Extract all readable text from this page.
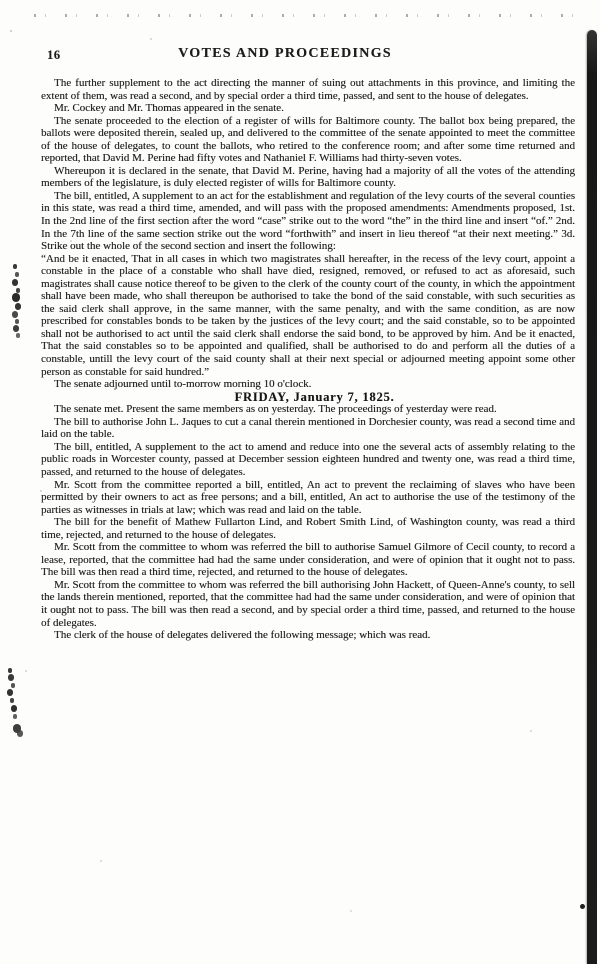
16	VOTES AND PROCEEDINGS

The further supplement to the act directing the manner of suing out attachments in this province, and limiting the extent of them, was read a second, and by special order a third time, passed, and sent to the house of delegates.

Mr. Cockey and Mr. Thomas appeared in the senate.

The senate proceeded to the election of a register of wills for Baltimore county. The ballot box being prepared, the ballots were deposited therein, sealed up, and delivered to the committee of the senate appointed to meet the committee of the house of delegates, to count the ballots, who retired to the conference room; and after some time returned and reported, that David M. Perine had fifty votes and Nathaniel F. Williams had thirty-seven votes.

Whereupon it is declared in the senate, that David M. Perine, having had a majority of all the votes of the attending members of the legislature, is duly elected register of wills for Baltimore county.

The bill, entitled, A supplement to an act for the establishment and regulation of the levy courts of the several counties in this state, was read a third time, amended, and will pass with the proposed amendments: Amendments proposed, 1st. In the 2nd line of the first section after the word “case” strike out to the word “the” in the third line and insert “of.” 2nd. In the 7th line of the same section strike out the word “forthwith” and insert in lieu thereof “at their next meeting.” 3d. Strike out the whole of the second section and insert the following:

“And be it enacted, That in all cases in which two magistrates shall hereafter, in the recess of the levy court, appoint a constable in the place of a constable who shall have died, resigned, removed, or refused to act as aforesaid, such magistrates shall cause notice thereof to be given to the clerk of the county court of the county, in which the appointment shall have been made, who shall thereupon be authorised to take the bond of the said constable, with such securities as the said clerk shall approve, in the same manner, with the same penalty, and with the same condition, as are now prescribed for constables bonds to be taken by the justices of the levy court; and the said constable, so to be appointed shall not be authorised to act until the said clerk shall endorse the said bond, to be approved by him. And be it enacted, That the said constables so to be appointed and qualified, shall be authorised to do and perform all the duties of a constable, untill the levy court of the said county shall at their next special or adjourned meeting appoint some other person as constable for said hundred.”

The senate adjourned until to-morrow morning 10 o'clock.

FRIDAY, January 7, 1825.

The senate met. Present the same members as on yesterday. The proceedings of yesterday were read.

The bill to authorise John L. Jaques to cut a canal therein mentioned in Dorchesier county, was read a second time and laid on the table.

The bill, entitled, A supplement to the act to amend and reduce into one the several acts of assembly relating to the public roads in Worcester county, passed at December session eighteen hundred and twenty one, was read a third time, passed, and returned to the house of delegates.

Mr. Scott from the committee reported a bill, entitled, An act to prevent the reclaiming of slaves who have been permitted by their owners to act as free persons; and a bill, entitled, An act to authorise the use of the testimony of the parties as witnesses in trials at law; which was read and laid on the table.

The bill for the benefit of Mathew Fullarton Lind, and Robert Smith Lind, of Washington county, was read a third time, rejected, and returned to the house of delegates.

Mr. Scott from the committee to whom was referred the bill to authorise Samuel Gilmore of Cecil county, to record a lease, reported, that the committee had had the same under consideration, and were of opinion that it ought not to pass. The bill was then read a third time, rejected, and returned to the house of delegates.

Mr. Scott from the committee to whom was referred the bill authorising John Hackett, of Queen-Anne's county, to sell the lands therein mentioned, reported, that the committee had had the same under consideration, and were of opinion that it ought not to pass. The bill was then read a second, and by special order a third time, passed, and returned to the house of delegates.

The clerk of the house of delegates delivered the following message; which was read.
